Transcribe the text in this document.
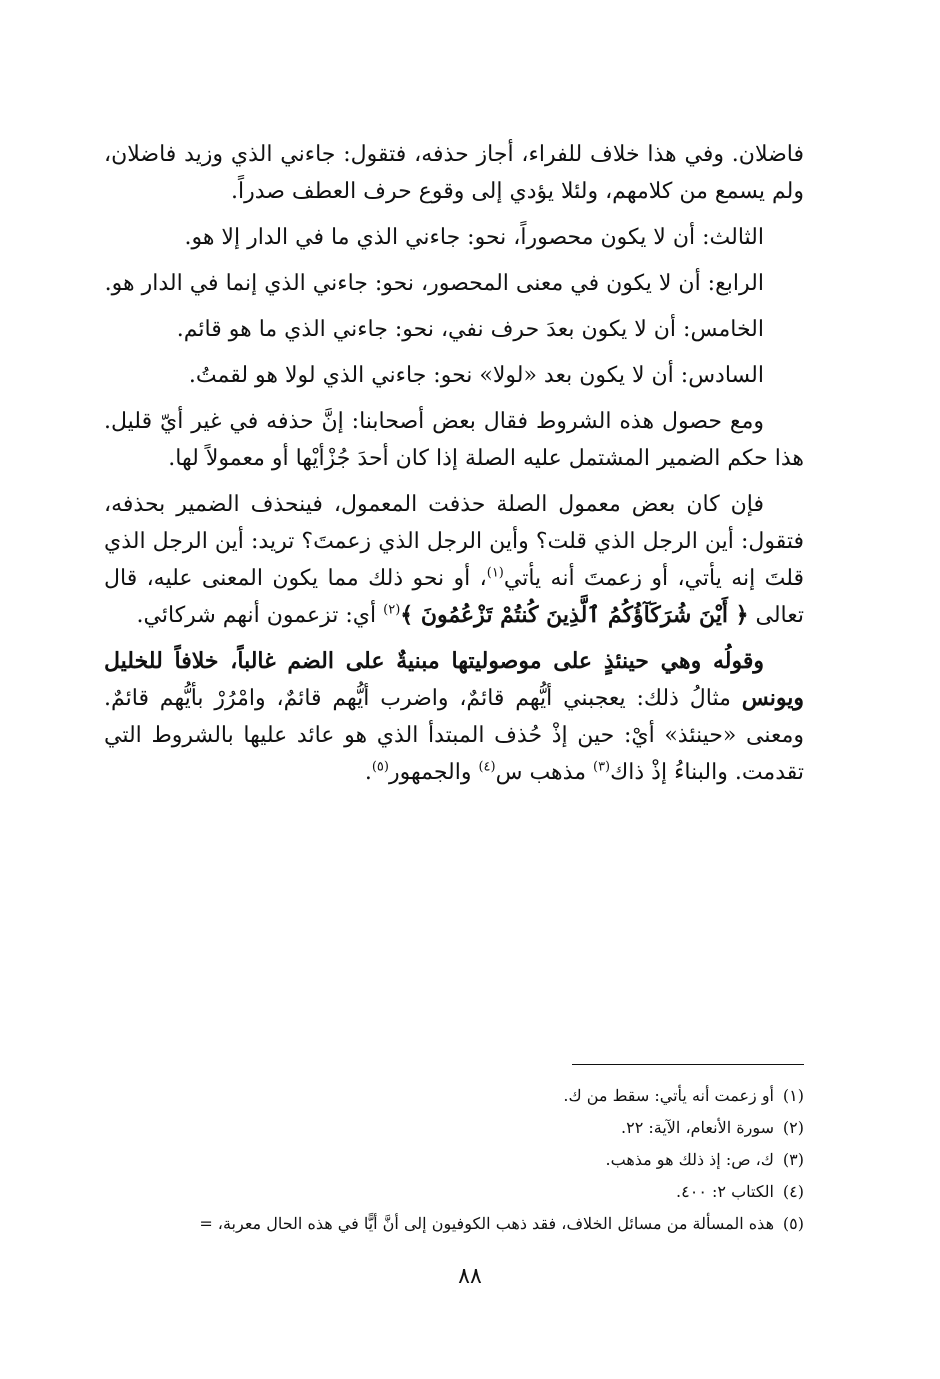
فاضلان. وفي هذا خلاف للفراء، أجاز حذفه، فتقول: جاءني الذي وزيد فاضلان، ولم يسمع من كلامهم، ولئلا يؤدي إلى وقوع حرف العطف صدراً.

الثالث: أن لا يكون محصوراً، نحو: جاءني الذي ما في الدار إلا هو.

الرابع: أن لا يكون في معنى المحصور، نحو: جاءني الذي إنما في الدار هو.

الخامس: أن لا يكون بعدَ حرف نفي، نحو: جاءني الذي ما هو قائم.

السادس: أن لا يكون بعد «لولا» نحو: جاءني الذي لولا هو لقمتُ.

ومع حصول هذه الشروط فقال بعض أصحابنا: إنَّ حذفه في غير أيّ قليل. هذا حكم الضمير المشتمل عليه الصلة إذا كان أحدَ جُزْأيْها أو معمولاً لها.

فإن كان بعض معمول الصلة حذفت المعمول، فينحذف الضمير بحذفه، فتقول: أين الرجل الذي قلت؟ وأين الرجل الذي زعمتَ؟ تريد: أين الرجل الذي قلتَ إنه يأتي، أو زعمتَ أنه يأتي$^{(١)}$، أو نحو ذلك مما يكون المعنى عليه، قال تعالى ﴿ أَيْنَ شُرَكَآؤُكُمُ ٱلَّذِينَ كُنتُمْ تَزْعُمُونَ ﴾$^{(٢)}$ أي: تزعمون أنهم شركائي.

وقولُه وهي حينئذٍ على موصوليتها مبنيةٌ على الضم غالباً، خلافاً للخليل ويونس مثالُ ذلك: يعجبني أيُّهم قائمٌ، واضرب أيُّهم قائمٌ، وامْرُرْ بأيُّهم قائمٌ. ومعنى «حينئذ» أيْ: حين إذْ حُذف المبتدأ الذي هو عائد عليها بالشروط التي تقدمت. والبناءُ إذْ ذاك$^{(٣)}$ مذهب س$^{(٤)}$ والجمهور$^{(٥)}$.

(١)أو زعمت أنه يأتي: سقط من ك.
(٢)سورة الأنعام، الآية: ٢٢.
(٣)ك، ص: إذ ذلك هو مذهب.
(٤)الكتاب ٢: ٤٠٠.
(٥)هذه المسألة من مسائل الخلاف، فقد ذهب الكوفيون إلى أنَّ أيًّا في هذه الحال معربة، =
٨٨
